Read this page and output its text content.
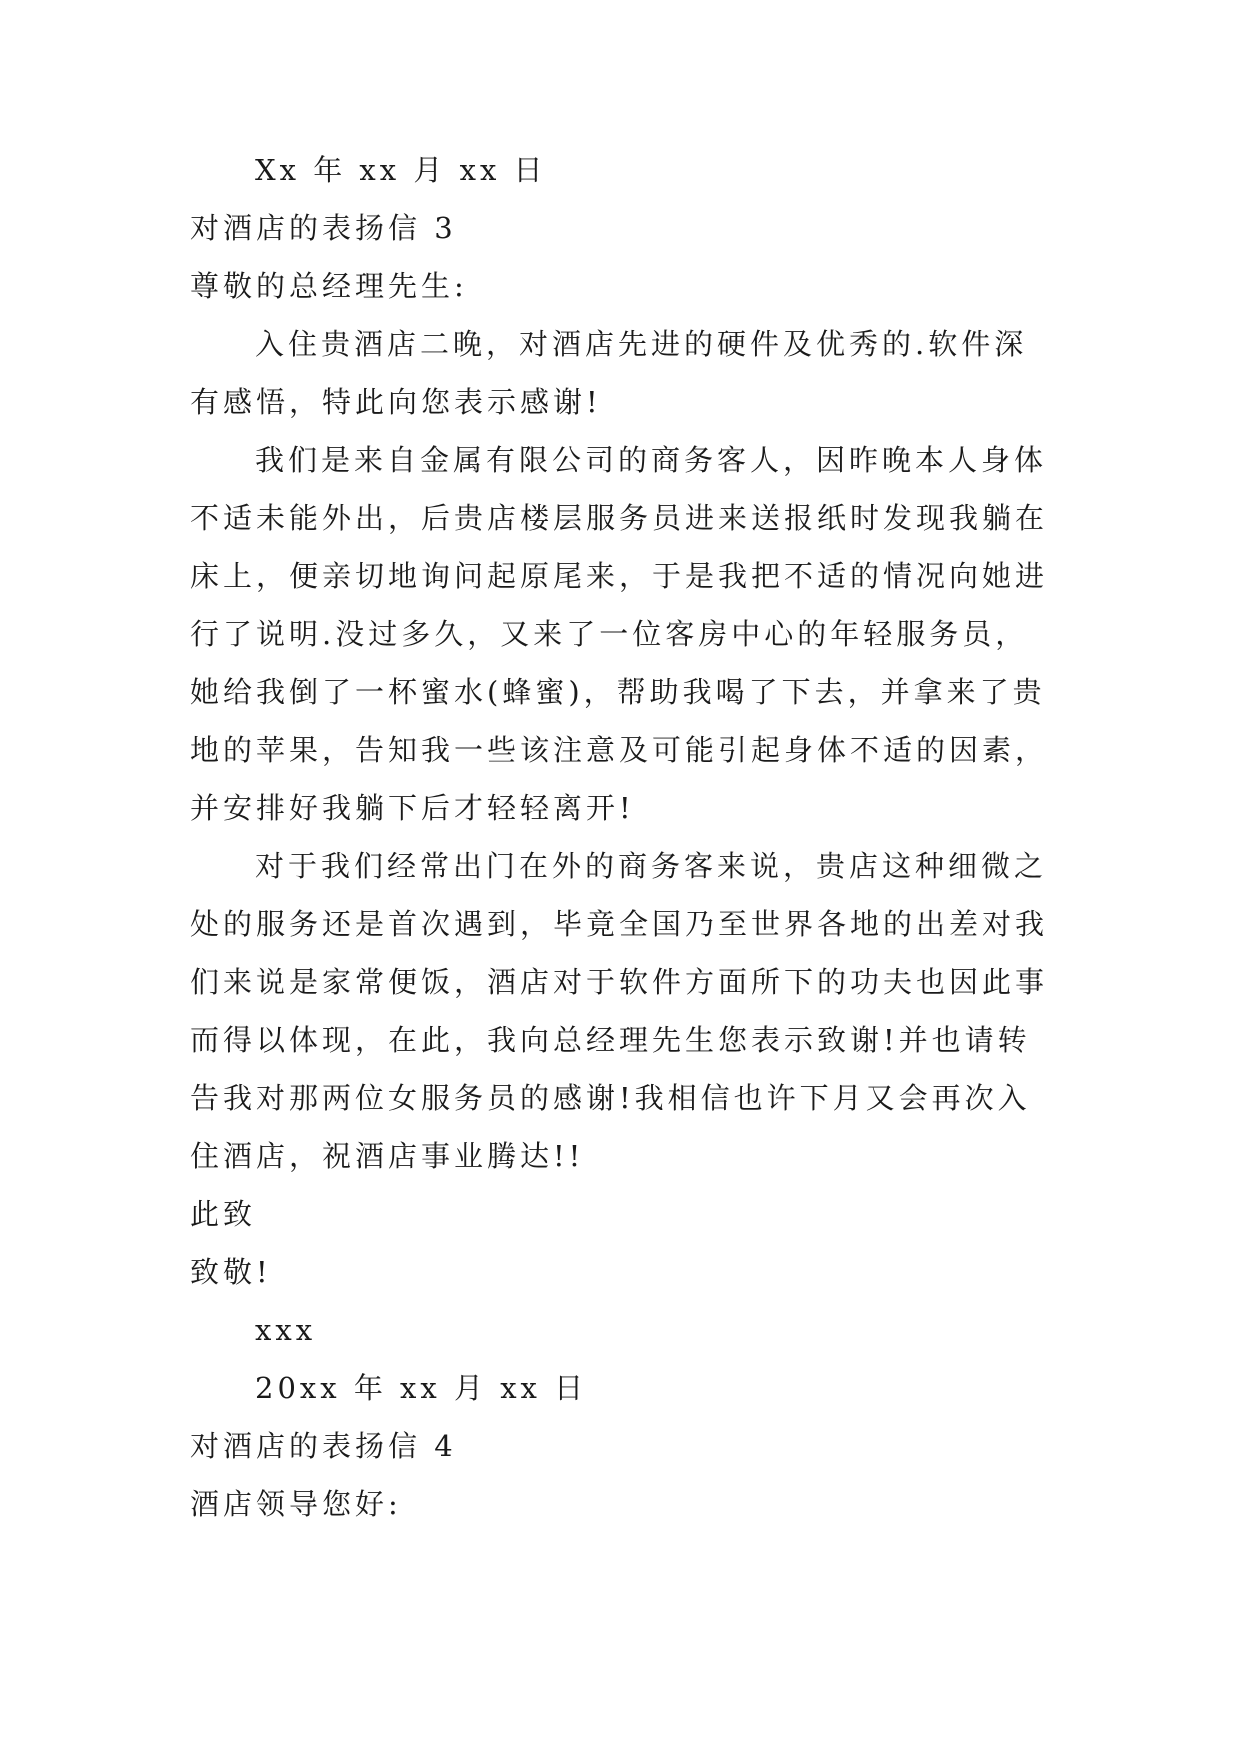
Xx 年 xx 月 xx 日
对酒店的表扬信 3
尊敬的总经理先生:
入住贵酒店二晚，对酒店先进的硬件及优秀的.软件深
有感悟，特此向您表示感谢!
我们是来自金属有限公司的商务客人，因昨晚本人身体
不适未能外出，后贵店楼层服务员进来送报纸时发现我躺在
床上，便亲切地询问起原尾来，于是我把不适的情况向她进
行了说明.没过多久，又来了一位客房中心的年轻服务员，
她给我倒了一杯蜜水(蜂蜜)，帮助我喝了下去，并拿来了贵
地的苹果，告知我一些该注意及可能引起身体不适的因素，
并安排好我躺下后才轻轻离开!
对于我们经常出门在外的商务客来说，贵店这种细微之
处的服务还是首次遇到，毕竟全国乃至世界各地的出差对我
们来说是家常便饭，酒店对于软件方面所下的功夫也因此事
而得以体现，在此，我向总经理先生您表示致谢!并也请转
告我对那两位女服务员的感谢!我相信也许下月又会再次入
住酒店，祝酒店事业腾达!!
此致
致敬!
xxx
20xx 年 xx 月 xx 日
对酒店的表扬信 4
酒店领导您好:
